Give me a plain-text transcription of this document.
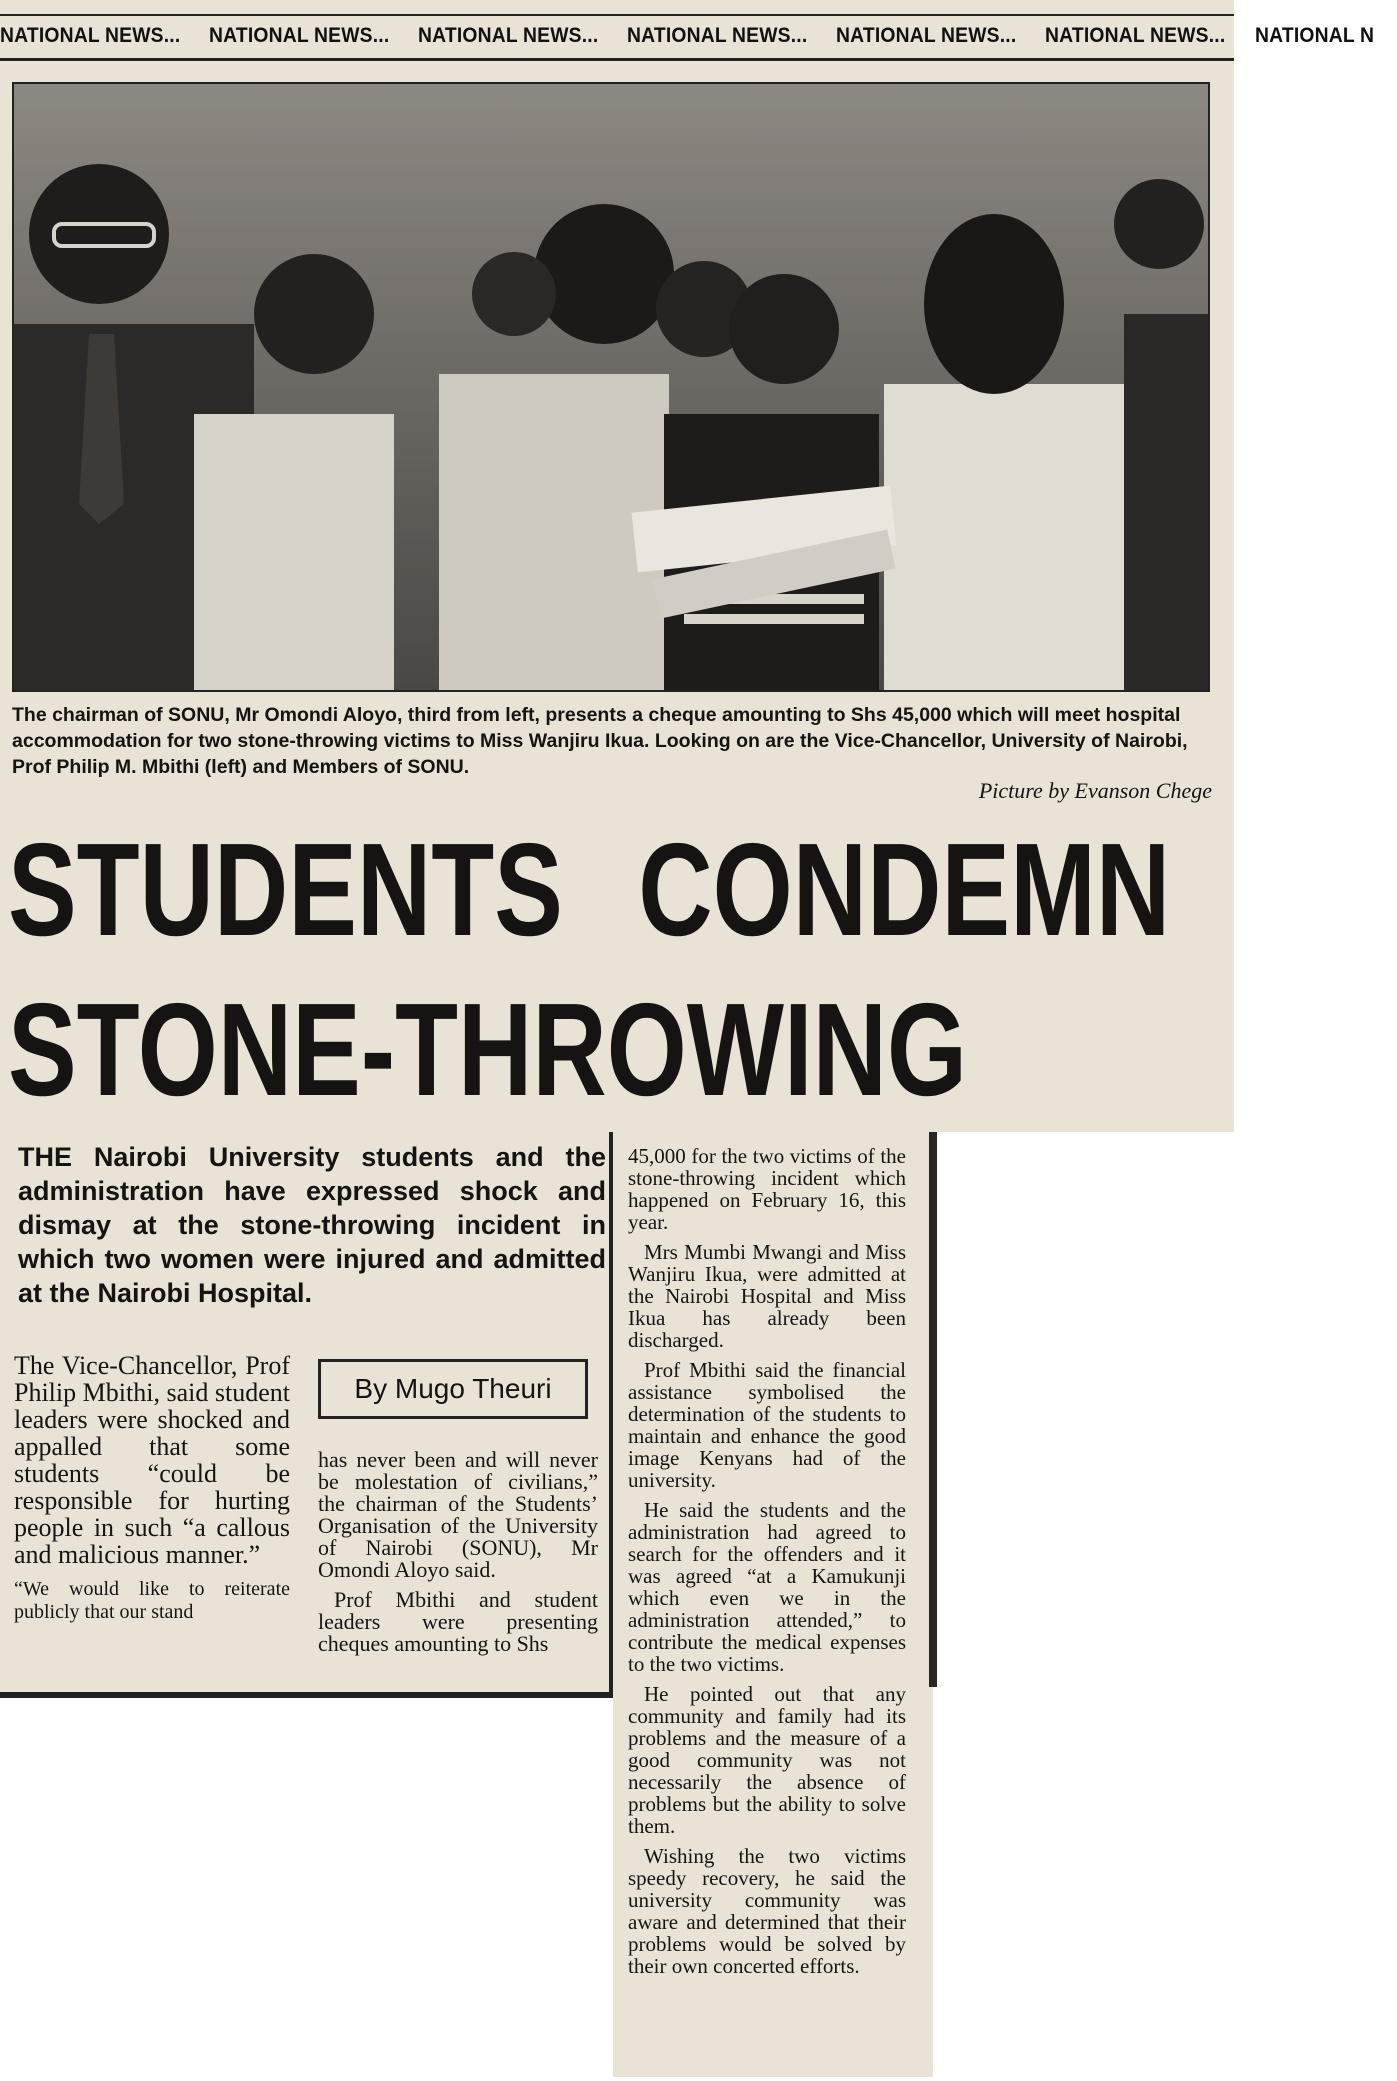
NATIONAL NEWS... NATIONAL NEWS... NATIONAL NEWS... NATIONAL NEWS... NATIONAL NEWS... NATIONAL NEWS... NATIONAL N

The chairman of SONU, Mr Omondi Aloyo, third from left, presents a cheque amounting to Shs 45,000 which will meet hospital accommodation for two stone-throwing victims to Miss Wanjiru Ikua. Looking on are the Vice-Chancellor, University of Nairobi, Prof Philip M. Mbithi (left) and Members of SONU.

Picture by Evanson Chege
STUDENTS CONDEMN
STONE-THROWING

THE Nairobi University students and the administration have expressed shock and dismay at the stone-throwing incident in which two women were injured and admitted at the Nairobi Hospital.

By Mugo Theuri

The Vice-Chancellor, Prof Philip Mbithi, said student leaders were shocked and appalled that some students “could be responsible for hurting people in such “a callous and malicious manner.”

“We would like to reiterate publicly that our stand

has never been and will never be molestation of civilians,” the chairman of the Students’ Organisation of the University of Nairobi (SONU), Mr Omondi Aloyo said.

Prof Mbithi and student leaders were presenting cheques amounting to Shs

45,000 for the two victims of the stone-throwing incident which happened on February 16, this year.

Mrs Mumbi Mwangi and Miss Wanjiru Ikua, were admitted at the Nairobi Hospital and Miss Ikua has already been discharged.

Prof Mbithi said the financial assistance symbolised the determination of the students to maintain and enhance the good image Kenyans had of the university.

He said the students and the administration had agreed to search for the offenders and it was agreed “at a Kamukunji which even we in the administration attended,” to contribute the medical expenses to the two victims.

He pointed out that any community and family had its problems and the measure of a good community was not necessarily the absence of problems but the ability to solve them.

Wishing the two victims speedy recovery, he said the university community was aware and determined that their problems would be solved by their own concerted efforts.
